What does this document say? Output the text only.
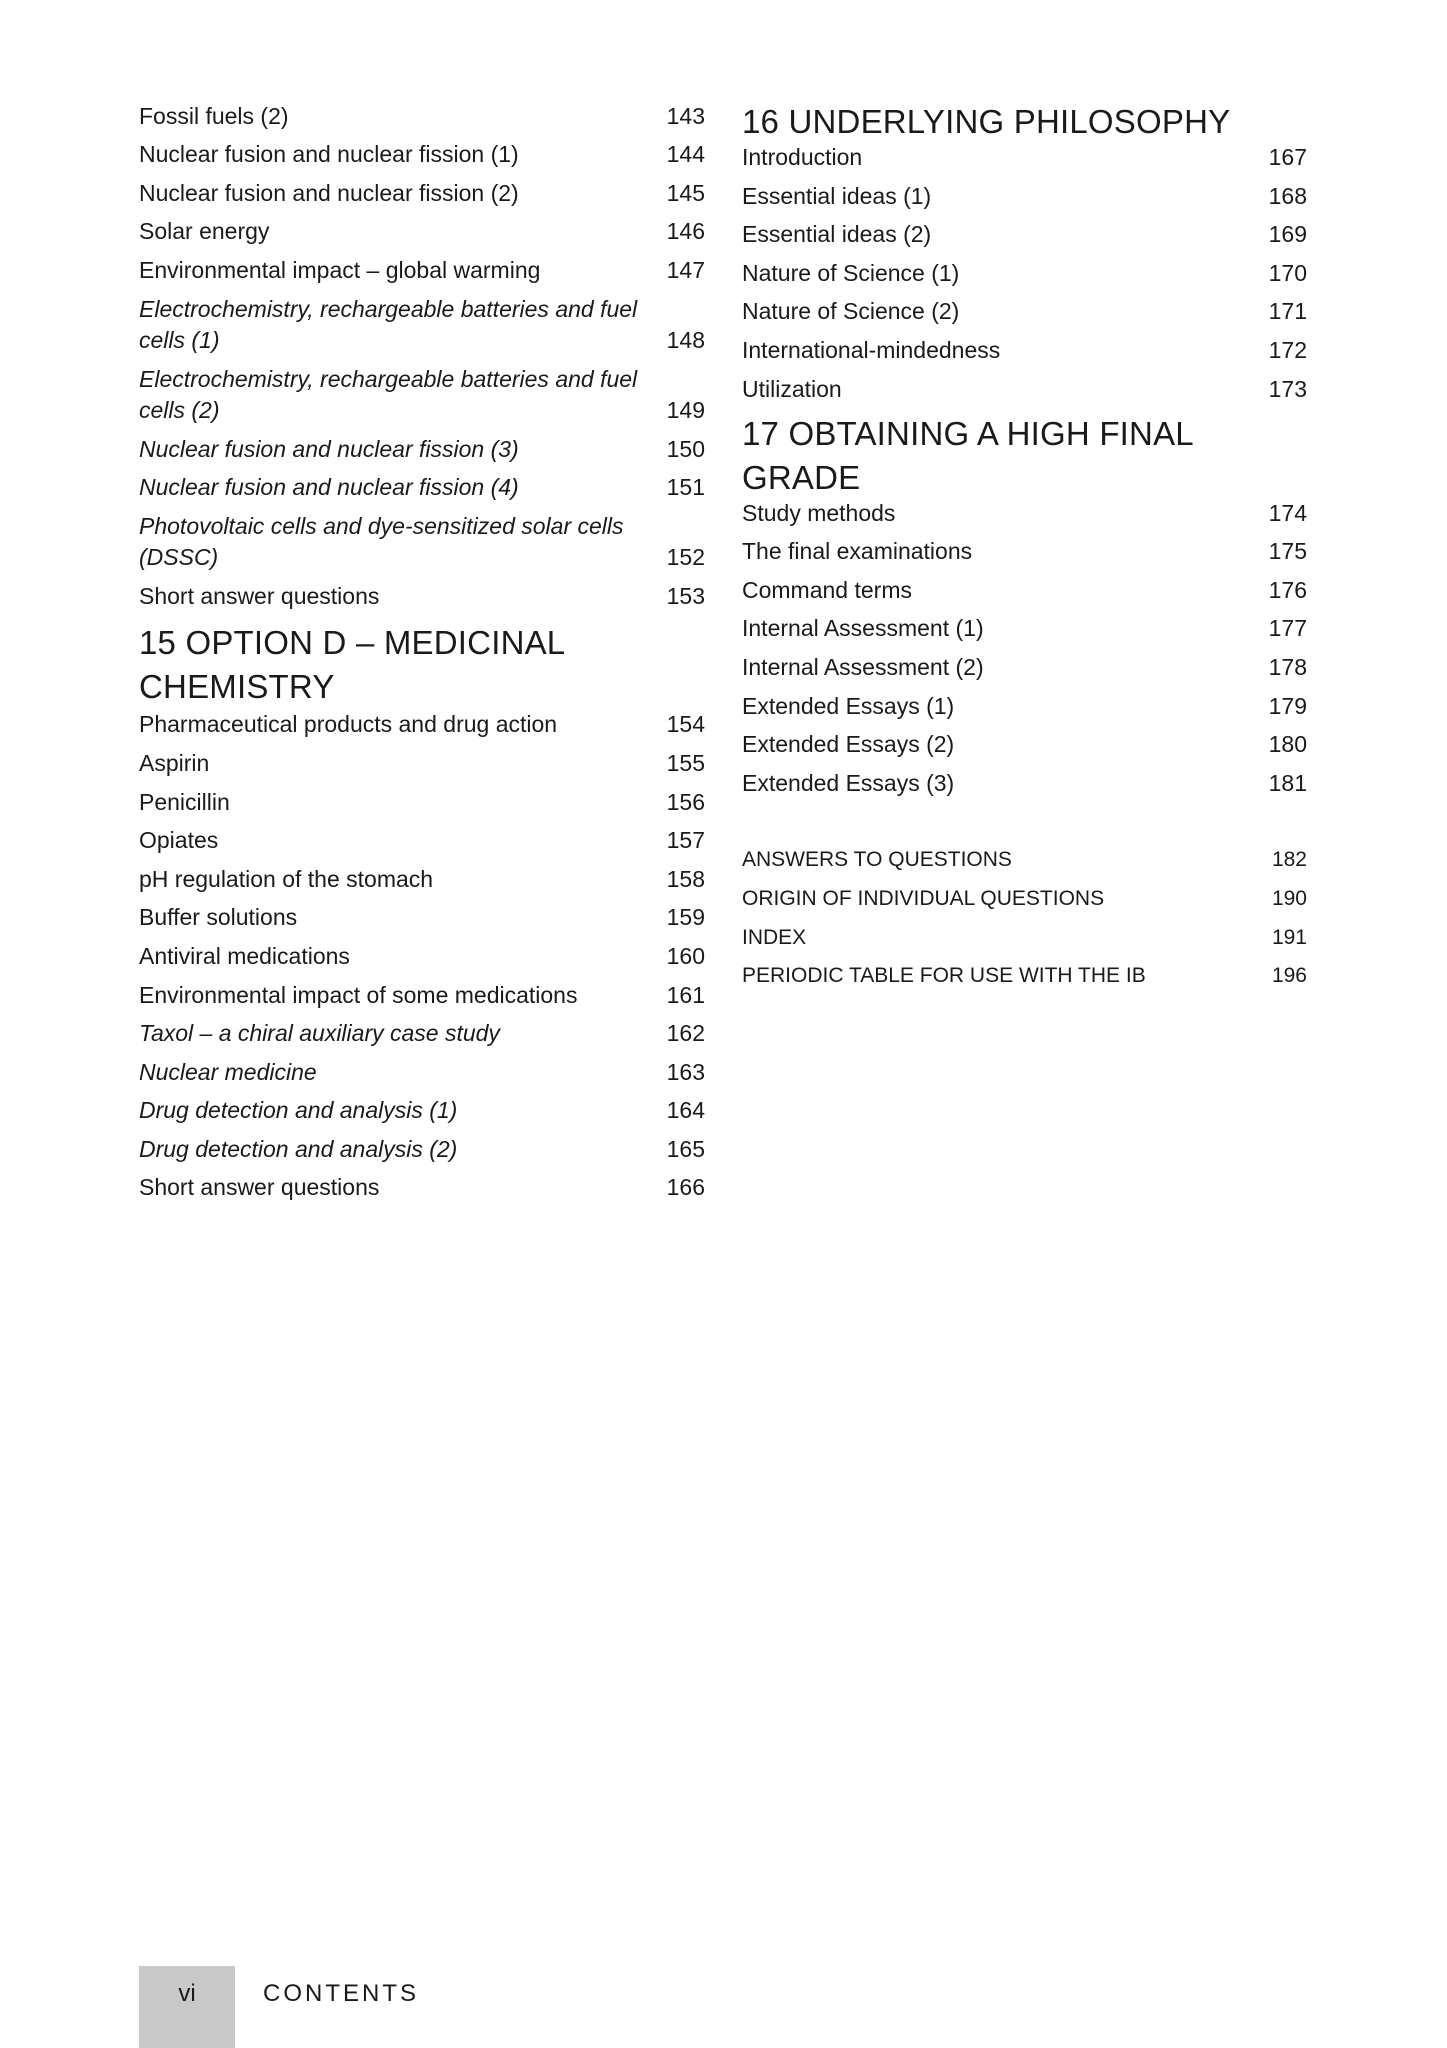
Fossil fuels (2)	143
Nuclear fusion and nuclear fission (1)	144
Nuclear fusion and nuclear fission (2)	145
Solar energy	146
Environmental impact – global warming	147
Electrochemistry, rechargeable batteries and fuel cells (1)	148
Electrochemistry, rechargeable batteries and fuel cells (2)	149
Nuclear fusion and nuclear fission (3)	150
Nuclear fusion and nuclear fission (4)	151
Photovoltaic cells and dye-sensitized solar cells (DSSC)	152
Short answer questions	153
15 OPTION D – MEDICINAL
CHEMISTRY
Pharmaceutical products and drug action	154
Aspirin	155
Penicillin	156
Opiates	157
pH regulation of the stomach	158
Buffer solutions	159
Antiviral medications	160
Environmental impact of some medications	161
Taxol – a chiral auxiliary case study	162
Nuclear medicine	163
Drug detection and analysis (1)	164
Drug detection and analysis (2)	165
Short answer questions	166
16 UNDERLYING PHILOSOPHY
Introduction	167
Essential ideas (1)	168
Essential ideas (2)	169
Nature of Science (1)	170
Nature of Science (2)	171
International-mindedness	172
Utilization	173
17 OBTAINING A HIGH FINAL
GRADE
Study methods	174
The final examinations	175
Command terms	176
Internal Assessment (1)	177
Internal Assessment (2)	178
Extended Essays (1)	179
Extended Essays (2)	180
Extended Essays (3)	181
ANSWERS TO QUESTIONS	182
ORIGIN OF INDIVIDUAL QUESTIONS	190
INDEX	191
PERIODIC TABLE FOR USE WITH THE IB	196
vi	CONTENTS
